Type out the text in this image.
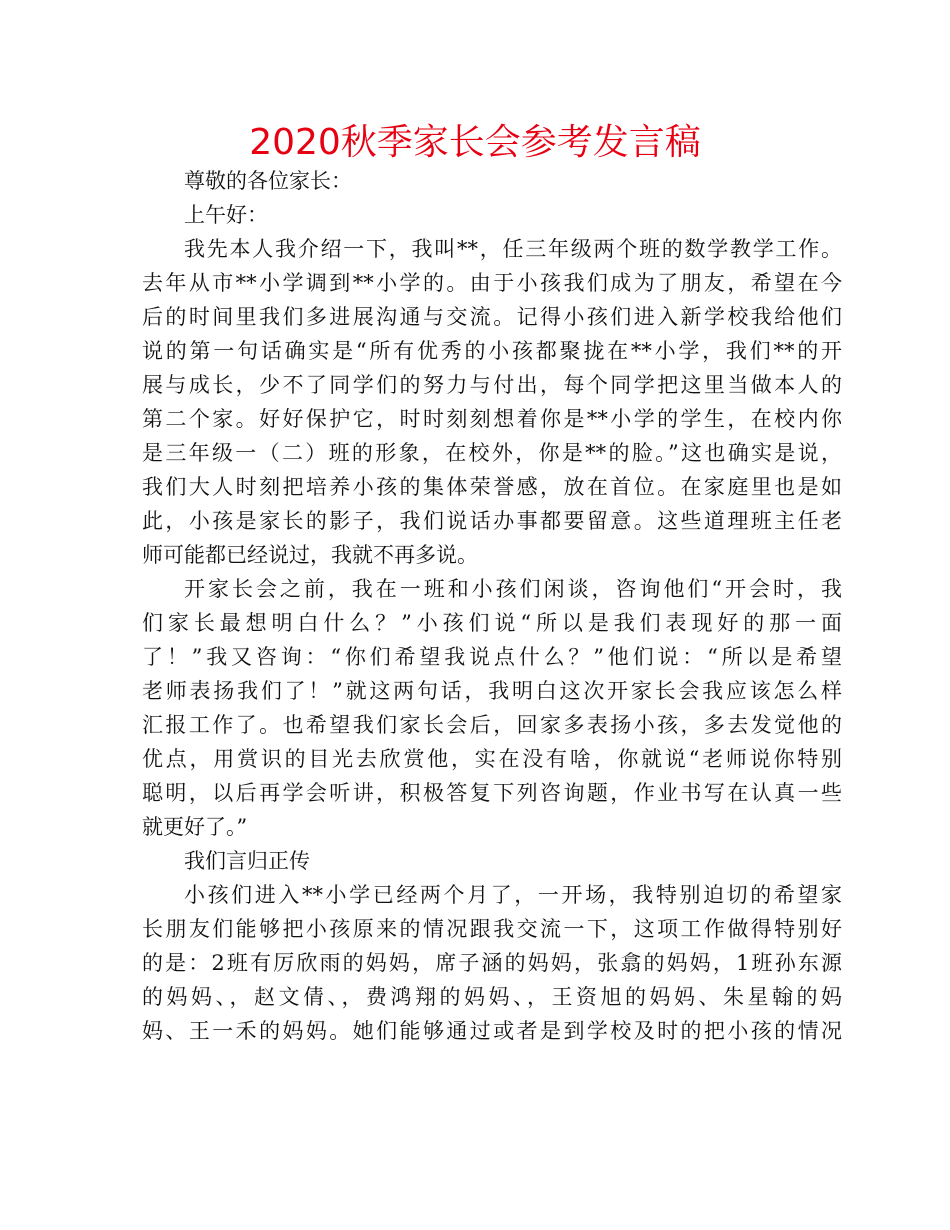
2020秋季家长会参考发言稿
尊敬的各位家长：
上午好：
我先本人我介绍一下，我叫**，任三年级两个班的数学教学工作。
去年从市**小学调到**小学的。由于小孩我们成为了朋友，希望在今
后的时间里我们多进展沟通与交流。记得小孩们进入新学校我给他们
说的第一句话确实是“所有优秀的小孩都聚拢在**小学，我们**的开
展与成长，少不了同学们的努力与付出，每个同学把这里当做本人的
第二个家。好好保护它，时时刻刻想着你是**小学的学生，在校内你
是三年级一（二）班的形象，在校外，你是**的脸。”这也确实是说，
我们大人时刻把培养小孩的集体荣誉感，放在首位。在家庭里也是如
此，小孩是家长的影子，我们说话办事都要留意。这些道理班主任老
师可能都已经说过，我就不再多说。
开家长会之前，我在一班和小孩们闲谈，咨询他们“开会时，我
们家长最想明白什么？”小孩们说“所以是我们表现好的那一面
了！”我又咨询：“你们希望我说点什么？”他们说：“所以是希望
老师表扬我们了！”就这两句话，我明白这次开家长会我应该怎么样
汇报工作了。也希望我们家长会后，回家多表扬小孩，多去发觉他的
优点，用赏识的目光去欣赏他，实在没有啥，你就说“老师说你特别
聪明，以后再学会听讲，积极答复下列咨询题，作业书写在认真一些
就更好了。”
我们言归正传
小孩们进入**小学已经两个月了，一开场，我特别迫切的希望家
长朋友们能够把小孩原来的情况跟我交流一下，这项工作做得特别好
的是：2班有厉欣雨的妈妈，席子涵的妈妈，张翕的妈妈，1班孙东源
的妈妈、，赵文倩、，费鸿翔的妈妈、，王资旭的妈妈、朱星翰的妈
妈、王一禾的妈妈。她们能够通过或者是到学校及时的把小孩的情况
